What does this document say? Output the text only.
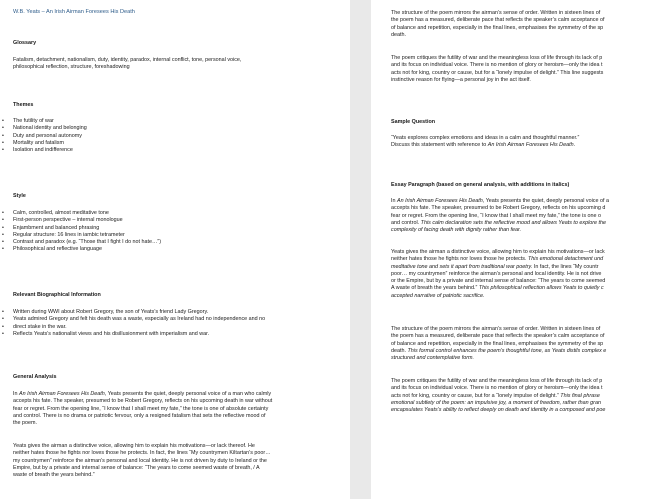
W.B. Yeats – An Irish Airman Foresees His Death
Glossary
Fatalism, detachment, nationalism, duty, identity, paradox, internal conflict, tone, personal voice,
philosophical reflection, structure, foreshadowing
Themes
• The futility of war
• National identity and belonging
• Duty and personal autonomy
• Mortality and fatalism
• Isolation and indifference
Style
• Calm, controlled, almost meditative tone
• First-person perspective – internal monologue
• Enjambment and balanced phrasing
• Regular structure: 16 lines in iambic tetrameter
• Contrast and paradox (e.g. “Those that I fight I do not hate…”)
• Philosophical and reflective language
Relevant Biographical Information
• Written during WWI about Robert Gregory, the son of Yeats’s friend Lady Gregory.
• Yeats admired Gregory and felt his death was a waste, especially as Ireland had no independence and no
• direct stake in the war.
• Reflects Yeats’s nationalist views and his disillusionment with imperialism and war.
General Analysis
In An Irish Airman Foresees His Death, Yeats presents the quiet, deeply personal voice of a man who calmly
accepts his fate. The speaker, presumed to be Robert Gregory, reflects on his upcoming death in war without
fear or regret. From the opening line, “I know that I shall meet my fate,” the tone is one of absolute certainty
and control. There is no drama or patriotic fervour, only a resigned fatalism that sets the reflective mood of
the poem.
Yeats gives the airman a distinctive voice, allowing him to explain his motivations—or lack thereof. He
neither hates those he fights nor loves those he protects. In fact, the lines “My countrymen Kiltartan’s poor…
my countrymen” reinforce the airman’s personal and local identity. He is not driven by duty to Ireland or the
Empire, but by a private and internal sense of balance: “The years to come seemed waste of breath, / A
waste of breath the years behind.”
The structure of the poem mirrors the airman’s sense of order. Written in sixteen lines of
the poem has a measured, deliberate pace that reflects the speaker’s calm acceptance of
of balance and repetition, especially in the final lines, emphasises the symmetry of the sp
death.
The poem critiques the futility of war and the meaningless loss of life through its lack of p
and its focus on individual voice. There is no mention of glory or heroism—only the idea t
acts not for king, country or cause, but for a “lonely impulse of delight.” This line suggests
instinctive reason for flying—a personal joy in the act itself.
Sample Question
“Yeats explores complex emotions and ideas in a calm and thoughtful manner.”
Discuss this statement with reference to An Irish Airman Foresees His Death.
Essay Paragraph (based on general analysis, with additions in italics)
In An Irish Airman Foresees His Death, Yeats presents the quiet, deeply personal voice of a
accepts his fate. The speaker, presumed to be Robert Gregory, reflects on his upcoming d
fear or regret. From the opening line, “I know that I shall meet my fate,” the tone is one o
and control. This calm declaration sets the reflective mood and allows Yeats to explore the
complexity of facing death with dignity rather than fear.
Yeats gives the airman a distinctive voice, allowing him to explain his motivations—or lack
neither hates those he fights nor loves those he protects. This emotional detachment und
meditative tone and sets it apart from traditional war poetry. In fact, the lines “My countr
poor… my countrymen” reinforce the airman’s personal and local identity. He is not drive
or the Empire, but by a private and internal sense of balance: “The years to come seemed
A waste of breath the years behind.” This philosophical reflection allows Yeats to quietly c
accepted narrative of patriotic sacrifice.
The structure of the poem mirrors the airman’s sense of order. Written in sixteen lines of
the poem has a measured, deliberate pace that reflects the speaker’s calm acceptance of
of balance and repetition, especially in the final lines, emphasises the symmetry of the sp
death. This formal control enhances the poem’s thoughtful tone, as Yeats distils complex e
structured and contemplative form.
The poem critiques the futility of war and the meaningless loss of life through its lack of p
and its focus on individual voice. There is no mention of glory or heroism—only the idea t
acts not for king, country or cause, but for a “lonely impulse of delight.” This final phrase
emotional subtlety of the poem: an impulsive joy, a moment of freedom, rather than gran
encapsulates Yeats’s ability to reflect deeply on death and identity in a composed and poe
